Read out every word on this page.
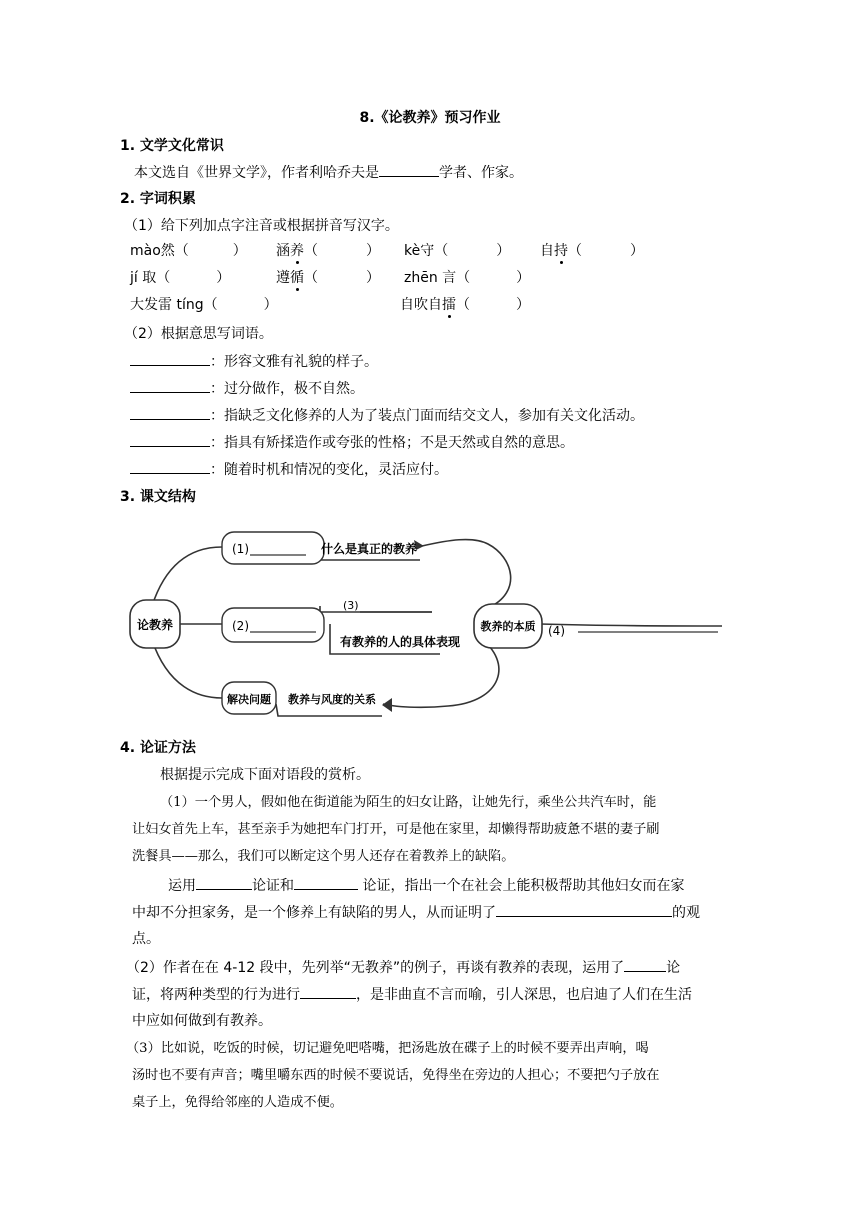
8.《论教养》预习作业
1. 文学文化常识
本文选自《世界文学》，作者利哈乔夫是	学者、作家。
2. 字词积累
（1）给下列加点字注音或根据拼音写汉字。
mào然（	） 涵养（	） kè守（	） 自持（	）
jí 取（	）	遵循（	） zhēn 言（	）
大发雷 tíng（	）	自吹自擂（	）
（2）根据意思写词语。
：形容文雅有礼貌的样子。
：过分做作，极不自然。
：指缺乏文化修养的人为了装点门面而结交文人，参加有关文化活动。
：指具有矫揉造作或夸张的性格；不是天然或自然的意思。
：随着时机和情况的变化，灵活应付。
3. 课文结构
论教养
(1)	什么是真正的教养
(2)
(3)
有教养的人的具体表现
解决问题 教养与风度的关系
教养的本质 (4)
4. 论证方法
根据提示完成下面对语段的赏析。
（1）一个男人，假如他在街道能为陌生的妇女让路，让她先行，乘坐公共汽车时，能
让妇女首先上车，甚至亲手为她把车门打开，可是他在家里，却懒得帮助疲惫不堪的妻子刷
洗餐具——那么，我们可以断定这个男人还存在着教养上的缺陷。
运用	论证和	论证，指出一个在社会上能积极帮助其他妇女而在家
中却不分担家务，是一个修养上有缺陷的男人，从而证明了	的观
点。
（2）作者在在 4-12 段中，先列举“无教养”的例子，再谈有教养的表现，运用了	论
证，将两种类型的行为进行	，是非曲直不言而喻，引人深思，也启迪了人们在生活
中应如何做到有教养。
（3）比如说，吃饭的时候，切记避免吧嗒嘴，把汤匙放在碟子上的时候不要弄出声响，喝
汤时也不要有声音；嘴里嚼东西的时候不要说话，免得坐在旁边的人担心；不要把勺子放在
桌子上，免得给邻座的人造成不便。
